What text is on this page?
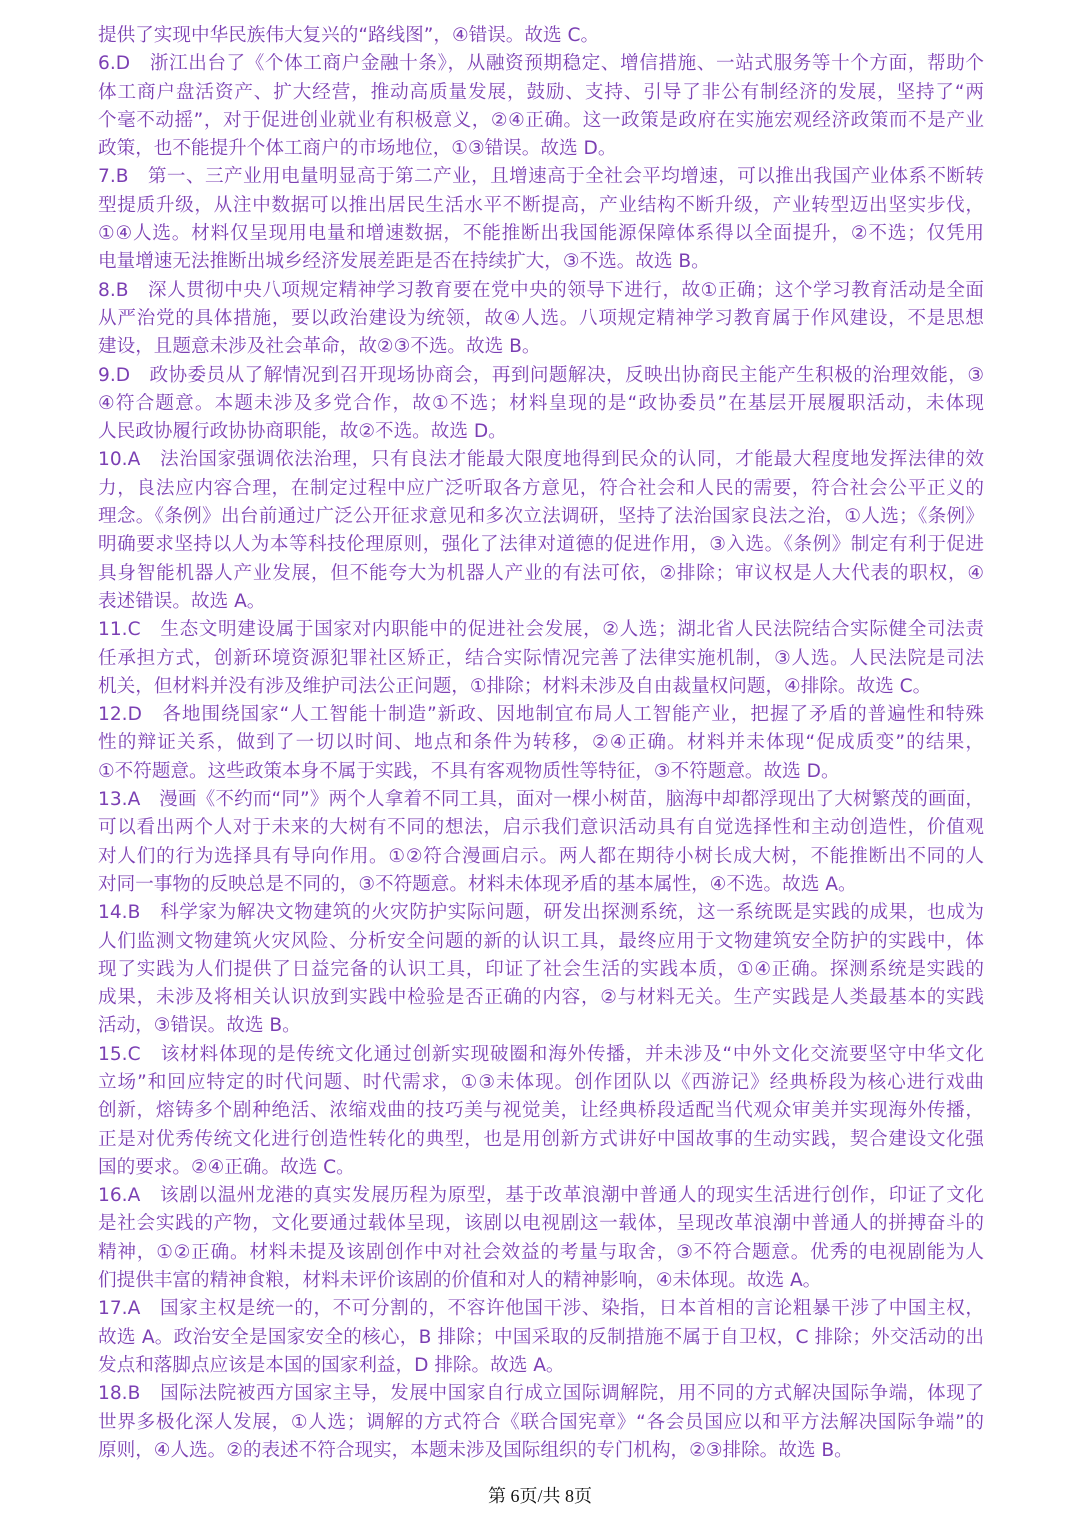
提供了实现中华民族伟大复兴的“路线图”，④错误。故选 C。
6.D　浙江出台了《个体工商户金融十条》，从融资预期稳定、增信措施、一站式服务等十个方面，帮助个
体工商户盘活资产、扩大经营，推动高质量发展，鼓励、支持、引导了非公有制经济的发展，坚持了“两
个毫不动摇”，对于促进创业就业有积极意义，②④正确。这一政策是政府在实施宏观经济政策而不是产业
政策，也不能提升个体工商户的市场地位，①③错误。故选 D。
7.B　第一、三产业用电量明显高于第二产业，且增速高于全社会平均增速，可以推出我国产业体系不断转
型提质升级，从注中数据可以推出居民生活水平不断提高，产业结构不断升级，产业转型迈出坚实步伐，
①④人选。材料仅呈现用电量和增速数据，不能推断出我国能源保障体系得以全面提升，②不选；仅凭用
电量增速无法推断出城乡经济发展差距是否在持续扩大，③不选。故选 B。
8.B　深人贯彻中央八项规定精神学习教育要在党中央的领导下进行，故①正确；这个学习教育活动是全面
从严治党的具体措施，要以政治建设为统领，故④人选。八项规定精神学习教育属于作风建设，不是思想
建设，且题意未涉及社会革命，故②③不选。故选 B。
9.D　政协委员从了解情况到召开现场协商会，再到问题解决，反映出协商民主能产生积极的治理效能，③
④符合题意。本题未涉及多党合作，故①不选；材料皇现的是“政协委员”在基层开展履职活动，未体现
人民政协履行政协协商职能，故②不选。故选 D。
10.A　法治国家强调依法治理，只有良法才能最大限度地得到民众的认同，才能最大程度地发挥法律的效
力，良法应内容合理，在制定过程中应广泛听取各方意见，符合社会和人民的需要，符合社会公平正义的
理念。《条例》出台前通过广泛公开征求意见和多次立法调研，坚持了法治国家良法之治，①人选；《条例》
明确要求坚持以人为本等科技伦理原则，强化了法律对道德的促进作用，③入选。《条例》制定有利于促进
具身智能机器人产业发展，但不能夸大为机器人产业的有法可依，②排除；审议权是人大代表的职权，④
表述错误。故选 A。
11.C　生态文明建设属于国家对内职能中的促进社会发展，②人选；湖北省人民法院结合实际健全司法责
任承担方式，创新环境资源犯罪社区矫正，结合实际情况完善了法律实施机制，③人选。人民法院是司法
机关，但材料并没有涉及维护司法公正问题，①排除；材料未涉及自由裁量权问题，④排除。故选 C。
12.D　各地围绕国家“人工智能十制造”新政、因地制宜布局人工智能产业，把握了矛盾的普遍性和特殊
性的辩证关系，做到了一切以时间、地点和条件为转移，②④正确。材料并未体现“促成质变”的结果，
①不符题意。这些政策本身不属于实践，不具有客观物质性等特征，③不符题意。故选 D。
13.A　漫画《不约而“同”》两个人拿着不同工具，面对一棵小树苗，脑海中却都浮现出了大树繁茂的画面，
可以看出两个人对于未来的大树有不同的想法，启示我们意识活动具有自觉选择性和主动创造性，价值观
对人们的行为选择具有导向作用。①②符合漫画启示。两人都在期待小树长成大树，不能推断出不同的人
对同一事物的反映总是不同的，③不符题意。材料未体现矛盾的基本属性，④不选。故选 A。
14.B　科学家为解决文物建筑的火灾防护实际问题，研发出探测系统，这一系统既是实践的成果，也成为
人们监测文物建筑火灾风险、分析安全问题的新的认识工具，最终应用于文物建筑安全防护的实践中，体
现了实践为人们提供了日益完备的认识工具，印证了社会生活的实践本质，①④正确。探测系统是实践的
成果，未涉及将相关认识放到实践中检验是否正确的内容，②与材料无关。生产实践是人类最基本的实践
活动，③错误。故选 B。
15.C　该材料体现的是传统文化通过创新实现破圈和海外传播，并未涉及“中外文化交流要坚守中华文化
立场”和回应特定的时代问题、时代需求，①③未体现。创作团队以《西游记》经典桥段为核心进行戏曲
创新，熔铸多个剧种绝活、浓缩戏曲的技巧美与视觉美，让经典桥段适配当代观众审美并实现海外传播，
正是对优秀传统文化进行创造性转化的典型，也是用创新方式讲好中国故事的生动实践，契合建设文化强
国的要求。②④正确。故选 C。
16.A　该剧以温州龙港的真实发展历程为原型，基于改革浪潮中普通人的现实生活进行创作，印证了文化
是社会实践的产物，文化要通过载体呈现，该剧以电视剧这一载体，呈现改革浪潮中普通人的拼搏奋斗的
精神，①②正确。材料未提及该剧创作中对社会效益的考量与取舍，③不符合题意。优秀的电视剧能为人
们提供丰富的精神食粮，材料未评价该剧的价值和对人的精神影响，④未体现。故选 A。
17.A　国家主权是统一的，不可分割的，不容许他国干涉、染指，日本首相的言论粗暴干涉了中国主权，
故选 A。政治安全是国家安全的核心，B 排除；中国采取的反制措施不属于自卫权，C 排除；外交活动的出
发点和落脚点应该是本国的国家利益，D 排除。故选 A。
18.B　国际法院被西方国家主导，发展中国家自行成立国际调解院，用不同的方式解决国际争端，体现了
世界多极化深人发展，①人选；调解的方式符合《联合国宪章》“各会员国应以和平方法解决国际争端”的
原则，④人选。②的表述不符合现实，本题未涉及国际组织的专门机构，②③排除。故选 B。
第 6页/共 8页
